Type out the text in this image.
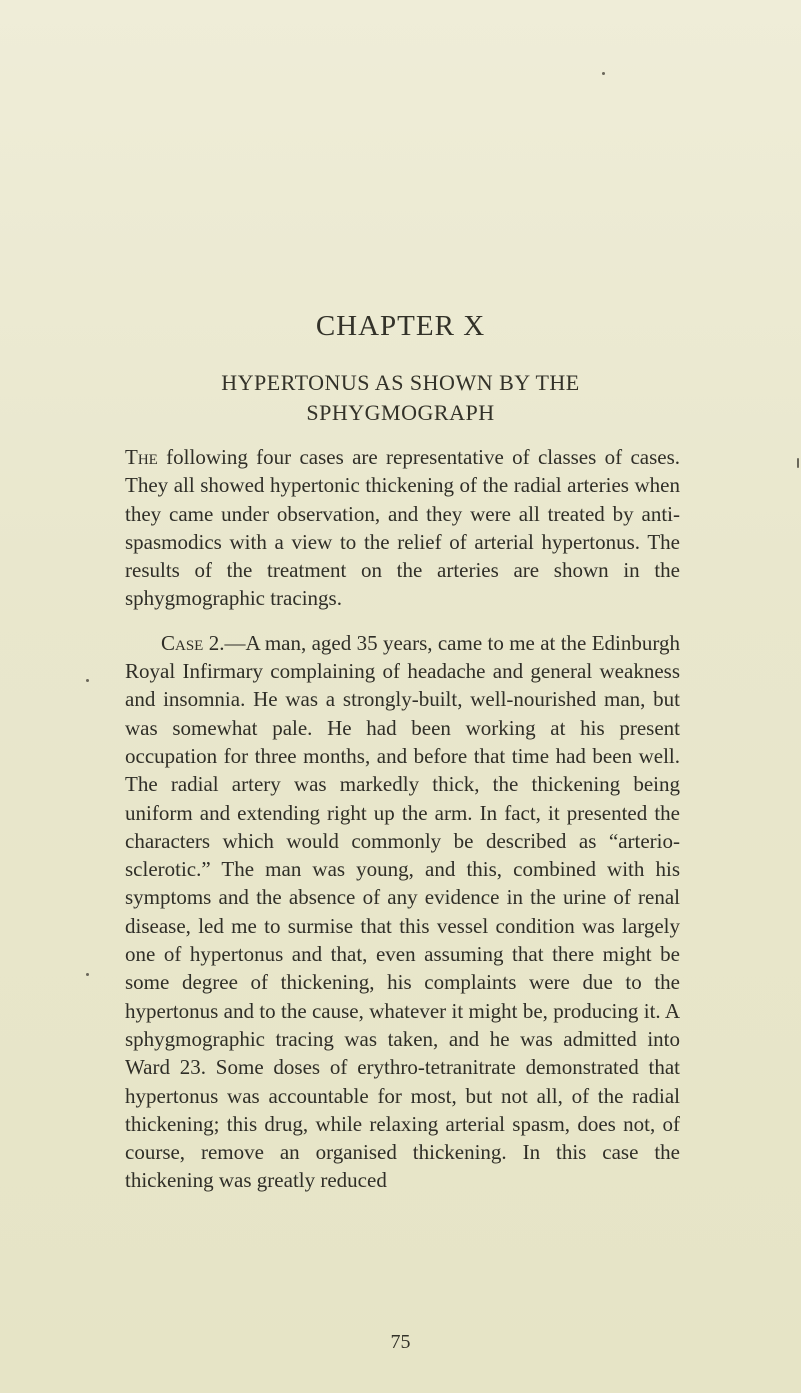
CHAPTER X
HYPERTONUS AS SHOWN BY THE
SPHYGMOGRAPH

The following four cases are representative of classes of cases. They all showed hypertonic thickening of the radial arteries when they came under observation, and they were all treated by anti-spasmodics with a view to the relief of arterial hypertonus. The results of the treatment on the arteries are shown in the sphygmographic tracings.

Case 2.—A man, aged 35 years, came to me at the Edinburgh Royal Infirmary complaining of headache and general weakness and insomnia. He was a strongly-built, well-nourished man, but was somewhat pale. He had been working at his present occupation for three months, and before that time had been well. The radial artery was markedly thick, the thickening being uniform and extending right up the arm. In fact, it presented the characters which would commonly be described as “arterio-sclerotic.” The man was young, and this, combined with his symptoms and the absence of any evidence in the urine of renal disease, led me to surmise that this vessel condition was largely one of hypertonus and that, even assuming that there might be some degree of thickening, his complaints were due to the hypertonus and to the cause, whatever it might be, producing it. A sphygmographic tracing was taken, and he was admitted into Ward 23. Some doses of erythro-tetranitrate demonstrated that hypertonus was accountable for most, but not all, of the radial thickening; this drug, while relaxing arterial spasm, does not, of course, remove an organised thickening. In this case the thickening was greatly reduced

75
